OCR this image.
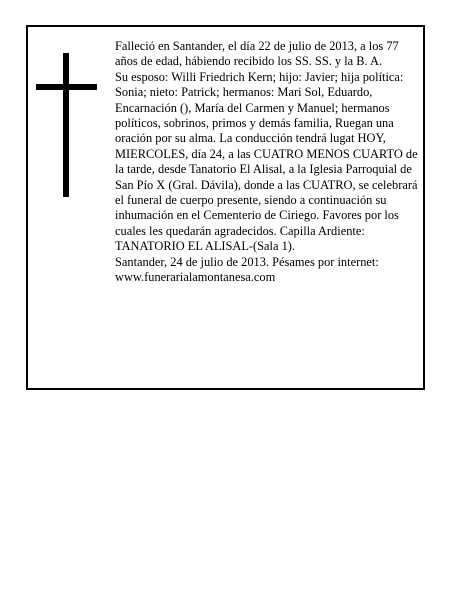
Falleció en Santander, el día 22 de julio de 2013, a los 77 años de edad, hábiendo recibido los SS. SS. y la B. A.

Su esposo: Willi Friedrich Kern; hijo: Javier; hija política: Sonia; nieto: Patrick; hermanos: Mari Sol, Eduardo, Encarnación (), María del Carmen y Manuel; hermanos políticos, sobrinos, primos y demás familia, Ruegan una oración por su alma. La conducción tendrá lugat HOY, MIERCOLES, día 24, a las CUATRO MENOS CUARTO de la tarde, desde Tanatorio El Alisal, a la Iglesia Parroquial de San Pío X (Gral. Dávila), donde a las CUATRO, se celebrará el funeral de cuerpo presente, siendo a continuación su inhumación en el Cementerio de Ciriego. Favores por los cuales les quedarán agradecidos. Capilla Ardiente: TANATORIO EL ALISAL-(Sala 1).

Santander, 24 de julio de 2013. Pésames por internet: www.funerarialamontanesa.com
